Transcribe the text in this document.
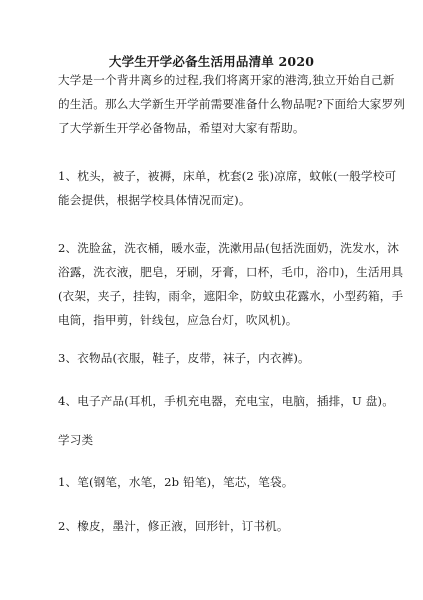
大学生开学必备生活用品清单 2020
大学是一个背井离乡的过程,我们将离开家的港湾,独立开始自己新
的生活。那么大学新生开学前需要准备什么物品呢?下面给大家罗列
了大学新生开学必备物品，希望对大家有帮助。
1、枕头，被子，被褥，床单，枕套(2 张)凉席，蚊帐(一般学校可
能会提供，根据学校具体情况而定)。
2、洗脸盆，洗衣桶，暖水壶，洗漱用品(包括洗面奶，洗发水，沐
浴露，洗衣液，肥皂，牙刷，牙膏，口杯，毛巾，浴巾)，生活用具
(衣架，夹子，挂钩，雨伞，遮阳伞，防蚊虫花露水，小型药箱，手
电筒，指甲剪，针线包，应急台灯，吹风机)。
3、衣物品(衣服，鞋子，皮带，袜子，内衣裤)。
4、电子产品(耳机，手机充电器，充电宝，电脑，插排，U 盘)。
学习类
1、笔(钢笔，水笔，2b 铅笔)，笔芯，笔袋。
2、橡皮，墨汁，修正液，回形针，订书机。
